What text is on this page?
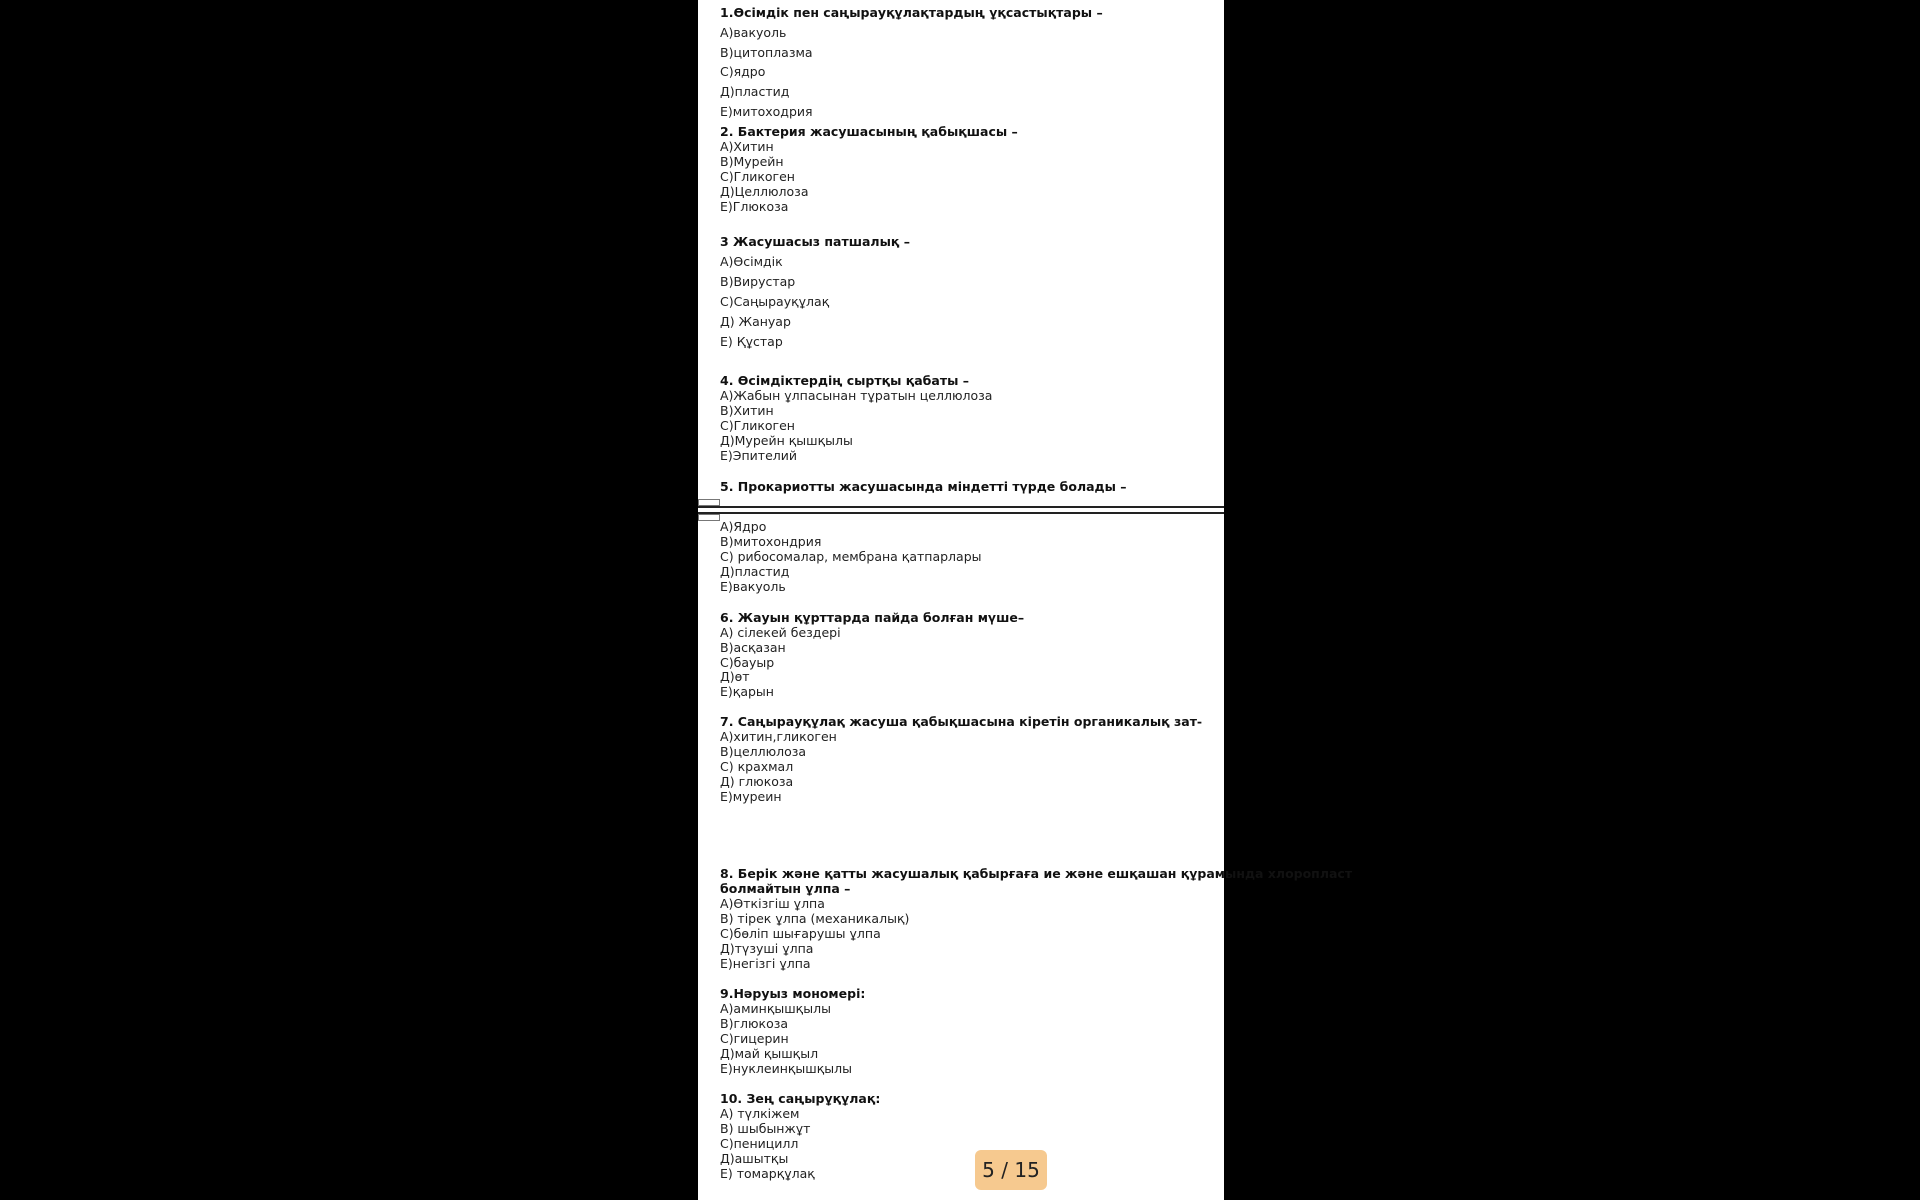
1.Өсімдік пен саңырауқұлақтардың ұқсастықтары –
А)вакуоль
В)цитоплазма
С)ядро
Д)пластид
Е)митоходрия
2. Бактерия жасушасының қабықшасы –
А)Хитин
В)Мурейн
С)Гликоген
Д)Целлюлоза
Е)Глюкоза
3 Жасушасыз патшалық –
А)Өсімдік
В)Вирустар
С)Саңырауқұлақ
Д) Жануар
Е) Құстар
4. Өсімдіктердің сыртқы қабаты –
А)Жабын ұлпасынан тұратын целлюлоза
В)Хитин
С)Гликоген
Д)Мурейн қышқылы
Е)Эпителий
5. Прокариотты жасушасында міндетті түрде болады –
А)Ядро
В)митохондрия
С) рибосомалар, мембрана қатпарлары
Д)пластид
Е)вакуоль
6. Жауын құрттарда пайда болған мүше–
А) сілекей бездері
В)асқазан
С)бауыр
Д)өт
Е)қарын
7. Саңырауқұлақ жасуша қабықшасына кіретін органикалық зат-
А)хитин,гликоген
В)целлюлоза
С) крахмал
Д) глюкоза
Е)муреин
8. Берік және қатты жасушалық қабырғаға ие және ешқашан құрамында хлоропласт
болмайтын ұлпа –
А)Өткізгіш ұлпа
В) тірек ұлпа (механикалық)
С)бөліп шығарушы ұлпа
Д)түзуші ұлпа
Е)негізгі ұлпа
9.Нәруыз мономері:
А)аминқышқылы
В)глюкоза
С)гицерин
Д)май қышқыл
Е)нуклеинқышқылы
10. Зең саңырұқұлақ:
А) түлкіжем
В) шыбынжұт
С)пеницилл
Д)ашытқы
Е) томарқұлақ	5 / 15
